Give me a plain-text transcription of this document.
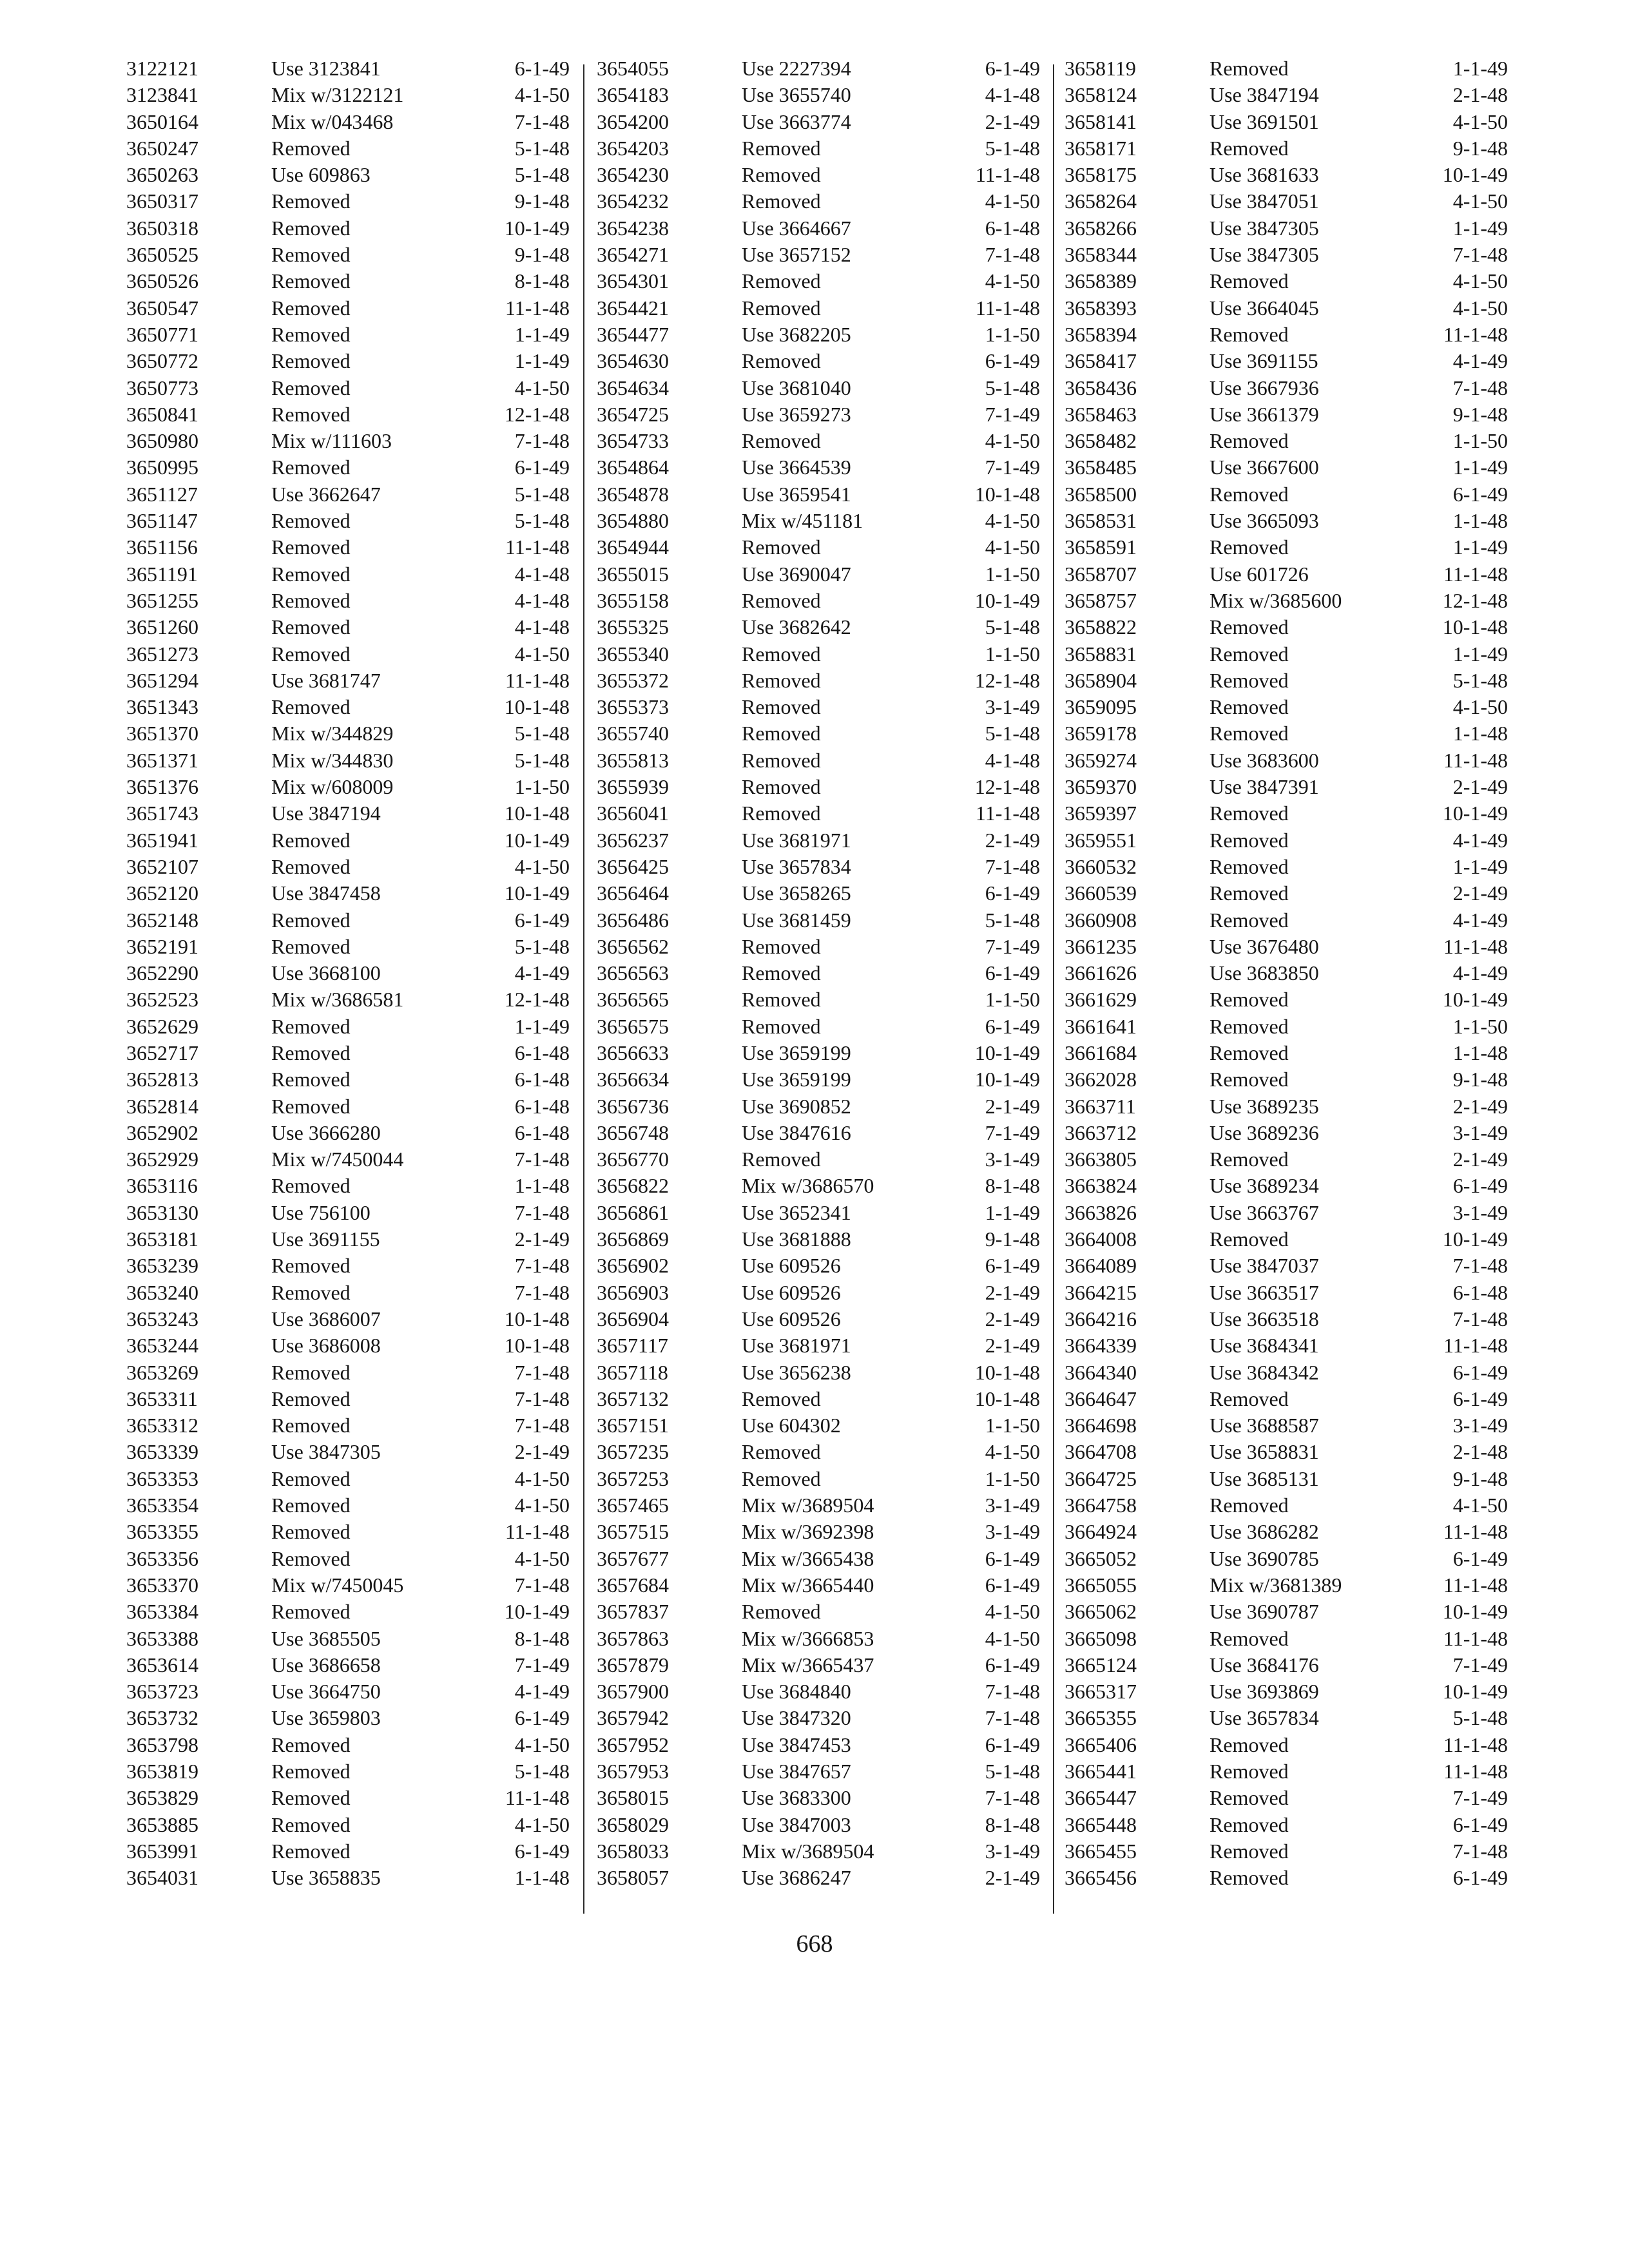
3122121	Use 3123841	6-1-49
3123841	Mix w/3122121	4-1-50
3650164	Mix w/043468	7-1-48
3650247	Removed	5-1-48
3650263	Use 609863	5-1-48
3650317	Removed	9-1-48
3650318	Removed	10-1-49
3650525	Removed	9-1-48
3650526	Removed	8-1-48
3650547	Removed	11-1-48
3650771	Removed	1-1-49
3650772	Removed	1-1-49
3650773	Removed	4-1-50
3650841	Removed	12-1-48
3650980	Mix w/111603	7-1-48
3650995	Removed	6-1-49
3651127	Use 3662647	5-1-48
3651147	Removed	5-1-48
3651156	Removed	11-1-48
3651191	Removed	4-1-48
3651255	Removed	4-1-48
3651260	Removed	4-1-48
3651273	Removed	4-1-50
3651294	Use 3681747	11-1-48
3651343	Removed	10-1-48
3651370	Mix w/344829	5-1-48
3651371	Mix w/344830	5-1-48
3651376	Mix w/608009	1-1-50
3651743	Use 3847194	10-1-48
3651941	Removed	10-1-49
3652107	Removed	4-1-50
3652120	Use 3847458	10-1-49
3652148	Removed	6-1-49
3652191	Removed	5-1-48
3652290	Use 3668100	4-1-49
3652523	Mix w/3686581	12-1-48
3652629	Removed	1-1-49
3652717	Removed	6-1-48
3652813	Removed	6-1-48
3652814	Removed	6-1-48
3652902	Use 3666280	6-1-48
3652929	Mix w/7450044	7-1-48
3653116	Removed	1-1-48
3653130	Use 756100	7-1-48
3653181	Use 3691155	2-1-49
3653239	Removed	7-1-48
3653240	Removed	7-1-48
3653243	Use 3686007	10-1-48
3653244	Use 3686008	10-1-48
3653269	Removed	7-1-48
3653311	Removed	7-1-48
3653312	Removed	7-1-48
3653339	Use 3847305	2-1-49
3653353	Removed	4-1-50
3653354	Removed	4-1-50
3653355	Removed	11-1-48
3653356	Removed	4-1-50
3653370	Mix w/7450045	7-1-48
3653384	Removed	10-1-49
3653388	Use 3685505	8-1-48
3653614	Use 3686658	7-1-49
3653723	Use 3664750	4-1-49
3653732	Use 3659803	6-1-49
3653798	Removed	4-1-50
3653819	Removed	5-1-48
3653829	Removed	11-1-48
3653885	Removed	4-1-50
3653991	Removed	6-1-49
3654031	Use 3658835	1-1-48
3654055	Use 2227394	6-1-49
3654183	Use 3655740	4-1-48
3654200	Use 3663774	2-1-49
3654203	Removed	5-1-48
3654230	Removed	11-1-48
3654232	Removed	4-1-50
3654238	Use 3664667	6-1-48
3654271	Use 3657152	7-1-48
3654301	Removed	4-1-50
3654421	Removed	11-1-48
3654477	Use 3682205	1-1-50
3654630	Removed	6-1-49
3654634	Use 3681040	5-1-48
3654725	Use 3659273	7-1-49
3654733	Removed	4-1-50
3654864	Use 3664539	7-1-49
3654878	Use 3659541	10-1-48
3654880	Mix w/451181	4-1-50
3654944	Removed	4-1-50
3655015	Use 3690047	1-1-50
3655158	Removed	10-1-49
3655325	Use 3682642	5-1-48
3655340	Removed	1-1-50
3655372	Removed	12-1-48
3655373	Removed	3-1-49
3655740	Removed	5-1-48
3655813	Removed	4-1-48
3655939	Removed	12-1-48
3656041	Removed	11-1-48
3656237	Use 3681971	2-1-49
3656425	Use 3657834	7-1-48
3656464	Use 3658265	6-1-49
3656486	Use 3681459	5-1-48
3656562	Removed	7-1-49
3656563	Removed	6-1-49
3656565	Removed	1-1-50
3656575	Removed	6-1-49
3656633	Use 3659199	10-1-49
3656634	Use 3659199	10-1-49
3656736	Use 3690852	2-1-49
3656748	Use 3847616	7-1-49
3656770	Removed	3-1-49
3656822	Mix w/3686570	8-1-48
3656861	Use 3652341	1-1-49
3656869	Use 3681888	9-1-48
3656902	Use 609526	6-1-49
3656903	Use 609526	2-1-49
3656904	Use 609526	2-1-49
3657117	Use 3681971	2-1-49
3657118	Use 3656238	10-1-48
3657132	Removed	10-1-48
3657151	Use 604302	1-1-50
3657235	Removed	4-1-50
3657253	Removed	1-1-50
3657465	Mix w/3689504	3-1-49
3657515	Mix w/3692398	3-1-49
3657677	Mix w/3665438	6-1-49
3657684	Mix w/3665440	6-1-49
3657837	Removed	4-1-50
3657863	Mix w/3666853	4-1-50
3657879	Mix w/3665437	6-1-49
3657900	Use 3684840	7-1-48
3657942	Use 3847320	7-1-48
3657952	Use 3847453	6-1-49
3657953	Use 3847657	5-1-48
3658015	Use 3683300	7-1-48
3658029	Use 3847003	8-1-48
3658033	Mix w/3689504	3-1-49
3658057	Use 3686247	2-1-49
3658119	Removed	1-1-49
3658124	Use 3847194	2-1-48
3658141	Use 3691501	4-1-50
3658171	Removed	9-1-48
3658175	Use 3681633	10-1-49
3658264	Use 3847051	4-1-50
3658266	Use 3847305	1-1-49
3658344	Use 3847305	7-1-48
3658389	Removed	4-1-50
3658393	Use 3664045	4-1-50
3658394	Removed	11-1-48
3658417	Use 3691155	4-1-49
3658436	Use 3667936	7-1-48
3658463	Use 3661379	9-1-48
3658482	Removed	1-1-50
3658485	Use 3667600	1-1-49
3658500	Removed	6-1-49
3658531	Use 3665093	1-1-48
3658591	Removed	1-1-49
3658707	Use 601726	11-1-48
3658757	Mix w/3685600	12-1-48
3658822	Removed	10-1-48
3658831	Removed	1-1-49
3658904	Removed	5-1-48
3659095	Removed	4-1-50
3659178	Removed	1-1-48
3659274	Use 3683600	11-1-48
3659370	Use 3847391	2-1-49
3659397	Removed	10-1-49
3659551	Removed	4-1-49
3660532	Removed	1-1-49
3660539	Removed	2-1-49
3660908	Removed	4-1-49
3661235	Use 3676480	11-1-48
3661626	Use 3683850	4-1-49
3661629	Removed	10-1-49
3661641	Removed	1-1-50
3661684	Removed	1-1-48
3662028	Removed	9-1-48
3663711	Use 3689235	2-1-49
3663712	Use 3689236	3-1-49
3663805	Removed	2-1-49
3663824	Use 3689234	6-1-49
3663826	Use 3663767	3-1-49
3664008	Removed	10-1-49
3664089	Use 3847037	7-1-48
3664215	Use 3663517	6-1-48
3664216	Use 3663518	7-1-48
3664339	Use 3684341	11-1-48
3664340	Use 3684342	6-1-49
3664647	Removed	6-1-49
3664698	Use 3688587	3-1-49
3664708	Use 3658831	2-1-48
3664725	Use 3685131	9-1-48
3664758	Removed	4-1-50
3664924	Use 3686282	11-1-48
3665052	Use 3690785	6-1-49
3665055	Mix w/3681389	11-1-48
3665062	Use 3690787	10-1-49
3665098	Removed	11-1-48
3665124	Use 3684176	7-1-49
3665317	Use 3693869	10-1-49
3665355	Use 3657834	5-1-48
3665406	Removed	11-1-48
3665441	Removed	11-1-48
3665447	Removed	7-1-49
3665448	Removed	6-1-49
3665455	Removed	7-1-48
3665456	Removed	6-1-49
668
